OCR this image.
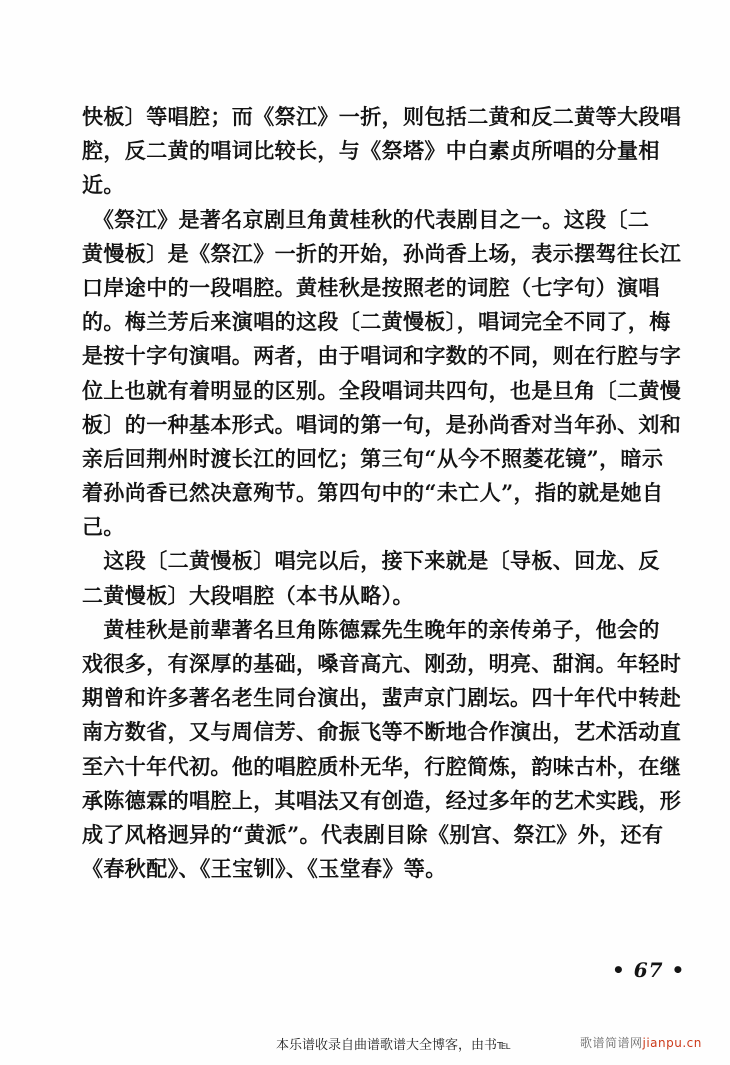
快板〕等唱腔；而《祭江》一折，则包括二黄和反二黄等大段唱
腔，反二黄的唱词比较长，与《祭塔》中白素贞所唱的分量相
近。
　《祭江》是著名京剧旦角黄桂秋的代表剧目之一。这段〔二
黄慢板〕是《祭江》一折的开始，孙尚香上场，表示摆驾往长江
口岸途中的一段唱腔。黄桂秋是按照老的词腔（七字句）演唱
的。梅兰芳后来演唱的这段〔二黄慢板〕，唱词完全不同了，梅
是按十字句演唱。两者，由于唱词和字数的不同，则在行腔与字
位上也就有着明显的区别。全段唱词共四句，也是旦角〔二黄慢
板〕的一种基本形式。唱词的第一句，是孙尚香对当年孙、刘和
亲后回荆州时渡长江的回忆；第三句“从今不照菱花镜”，暗示
着孙尚香已然决意殉节。第四句中的“未亡人”，指的就是她自
己。
　这段〔二黄慢板〕唱完以后，接下来就是〔导板、回龙、反
二黄慢板〕大段唱腔（本书从略）。
　黄桂秋是前辈著名旦角陈德霖先生晚年的亲传弟子，他会的
戏很多，有深厚的基础，嗓音高亢、刚劲，明亮、甜润。年轻时
期曾和许多著名老生同台演出，蜚声京门剧坛。四十年代中转赴
南方数省，又与周信芳、俞振飞等不断地合作演出，艺术活动直
至六十年代初。他的唱腔质朴无华，行腔简炼，韵味古朴，在继
承陈德霖的唱腔上，其唱法又有创造，经过多年的艺术实践，形
成了风格迥异的“黄派”。代表剧目除《别宫、祭江》外，还有
《春秋配》、《王宝钏》、《玉堂春》等。
• 67 •
本乐谱收录自曲谱歌谱大全博客，由书℡	歌谱简谱网jianpu.cn
